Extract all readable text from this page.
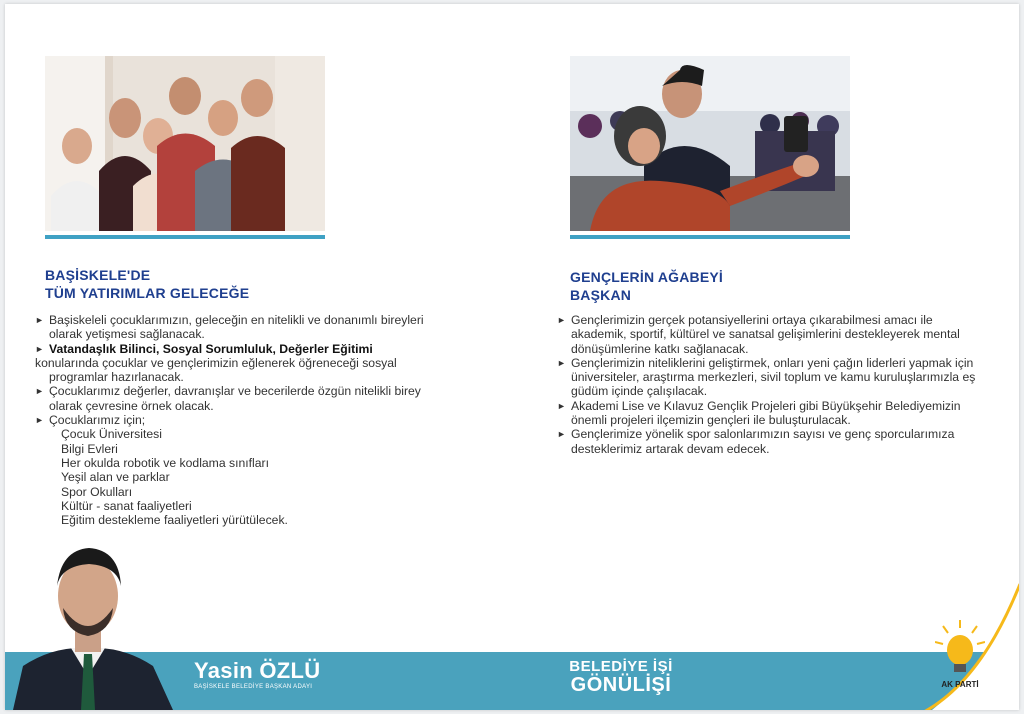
BAŞİSKELE'DE
TÜM YATIRIMLAR GELECEĞE
► Başiskeleli çocuklarımızın, geleceğin en nitelikli ve donanımlı bireyleri olarak yetişmesi sağlanacak.
► Vatandaşlık Bilinci, Sosyal Sorumluluk, Değerler Eğitimi
konularında çocuklar ve gençlerimizin eğlenerek öğreneceği sosyal programlar hazırlanacak.
► Çocuklarımız değerler, davranışlar ve becerilerde özgün nitelikli birey olarak çevresine örnek olacak.
► Çocuklarımız için;
Çocuk Üniversitesi
Bilgi Evleri
Her okulda robotik ve kodlama sınıfları
Yeşil alan ve parklar
Spor Okulları
Kültür - sanat faaliyetleri
Eğitim destekleme faaliyetleri yürütülecek.
GENÇLERİN AĞABEYİ
BAŞKAN
► Gençlerimizin gerçek potansiyellerini ortaya çıkarabilmesi amacı ile akademik, sportif, kültürel ve sanatsal gelişimlerini destekleyerek mental dönüşümlerine katkı sağlanacak.
► Gençlerimizin niteliklerini geliştirmek, onları yeni çağın liderleri yapmak için üniversiteler, araştırma merkezleri, sivil toplum ve kamu kuruluşlarımızla eş güdüm içinde çalışılacak.
► Akademi Lise ve Kılavuz Gençlik Projeleri gibi Büyükşehir Belediyemizin önemli projeleri ilçemizin gençleri ile buluşturulacak.
► Gençlerimize yönelik spor salonlarımızın sayısı ve genç sporcularımıza desteklerimiz artarak devam edecek.
Yasin ÖZLÜ
BAŞİSKELE BELEDİYE BAŞKAN ADAYI
BELEDİYE İŞİ
GÖNÜLİŞİ	AK PARTİ
